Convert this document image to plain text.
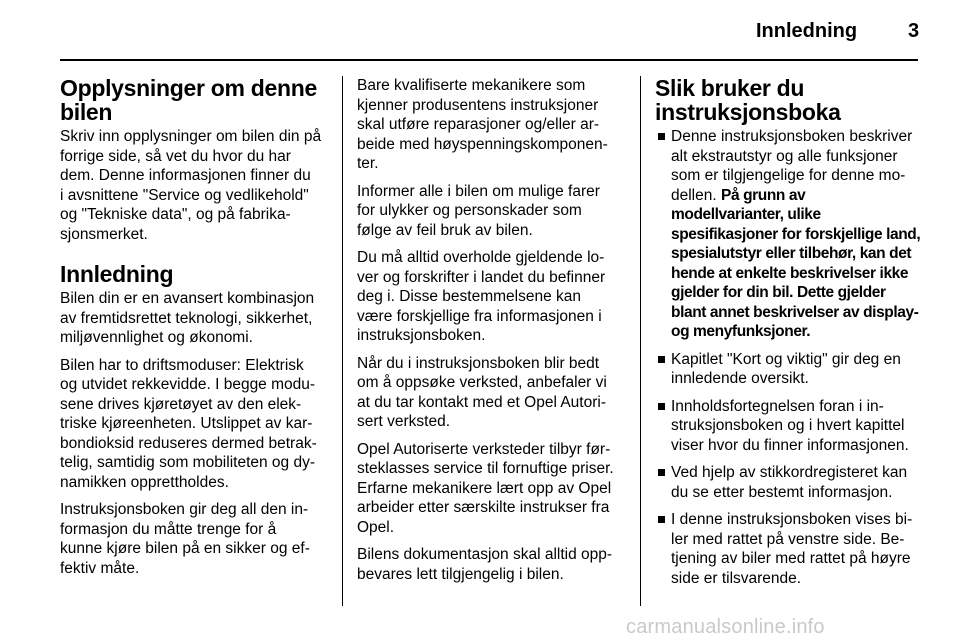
Innledning	3
Opplysninger om denne
bilen

Skriv inn opplysninger om bilen din på
forrige side, så vet du hvor du har
dem. Denne informasjonen finner du
i avsnittene "Service og vedlikehold"
og "Tekniske data", og på fabrika-
sjonsmerket.

Innledning

Bilen din er en avansert kombinasjon
av fremtidsrettet teknologi, sikkerhet,
miljøvennlighet og økonomi.

Bilen har to driftsmoduser: Elektrisk
og utvidet rekkevidde. I begge modu-
sene drives kjøretøyet av den elek-
triske kjøreenheten. Utslippet av kar-
bondioksid reduseres dermed betrak-
telig, samtidig som mobiliteten og dy-
namikken opprettholdes.

Instruksjonsboken gir deg all den in-
formasjon du måtte trenge for å
kunne kjøre bilen på en sikker og ef-
fektiv måte.

Bare kvalifiserte mekanikere som
kjenner produsentens instruksjoner
skal utføre reparasjoner og/eller ar-
beide med høyspenningskomponen-
ter.

Informer alle i bilen om mulige farer
for ulykker og personskader som
følge av feil bruk av bilen.

Du må alltid overholde gjeldende lo-
ver og forskrifter i landet du befinner
deg i. Disse bestemmelsene kan
være forskjellige fra informasjonen i
instruksjonsboken.

Når du i instruksjonsboken blir bedt
om å oppsøke verksted, anbefaler vi
at du tar kontakt med et Opel Autori-
sert verksted.

Opel Autoriserte verksteder tilbyr før-
steklasses service til fornuftige priser.
Erfarne mekanikere lært opp av Opel
arbeider etter særskilte instrukser fra
Opel.

Bilens dokumentasjon skal alltid opp-
bevares lett tilgjengelig i bilen.

Slik bruker du
instruksjonsboka
Denne instruksjonsboken beskriver
alt ekstrautstyr og alle funksjoner
som er tilgjengelige for denne mo-
dellen. På grunn av
modellvarianter, ulike
spesifikasjoner for forskjellige land,
spesialutstyr eller tilbehør, kan det
hende at enkelte beskrivelser ikke
gjelder for din bil. Dette gjelder
blant annet beskrivelser av display-
og menyfunksjoner.
Kapitlet "Kort og viktig" gir deg en
innledende oversikt.
Innholdsfortegnelsen foran i in-
struksjonsboken og i hvert kapittel
viser hvor du finner informasjonen.
Ved hjelp av stikkordregisteret kan
du se etter bestemt informasjon.
I denne instruksjonsboken vises bi-
ler med rattet på venstre side. Be-
tjening av biler med rattet på høyre
side er tilsvarende.
carmanualsonline.info
